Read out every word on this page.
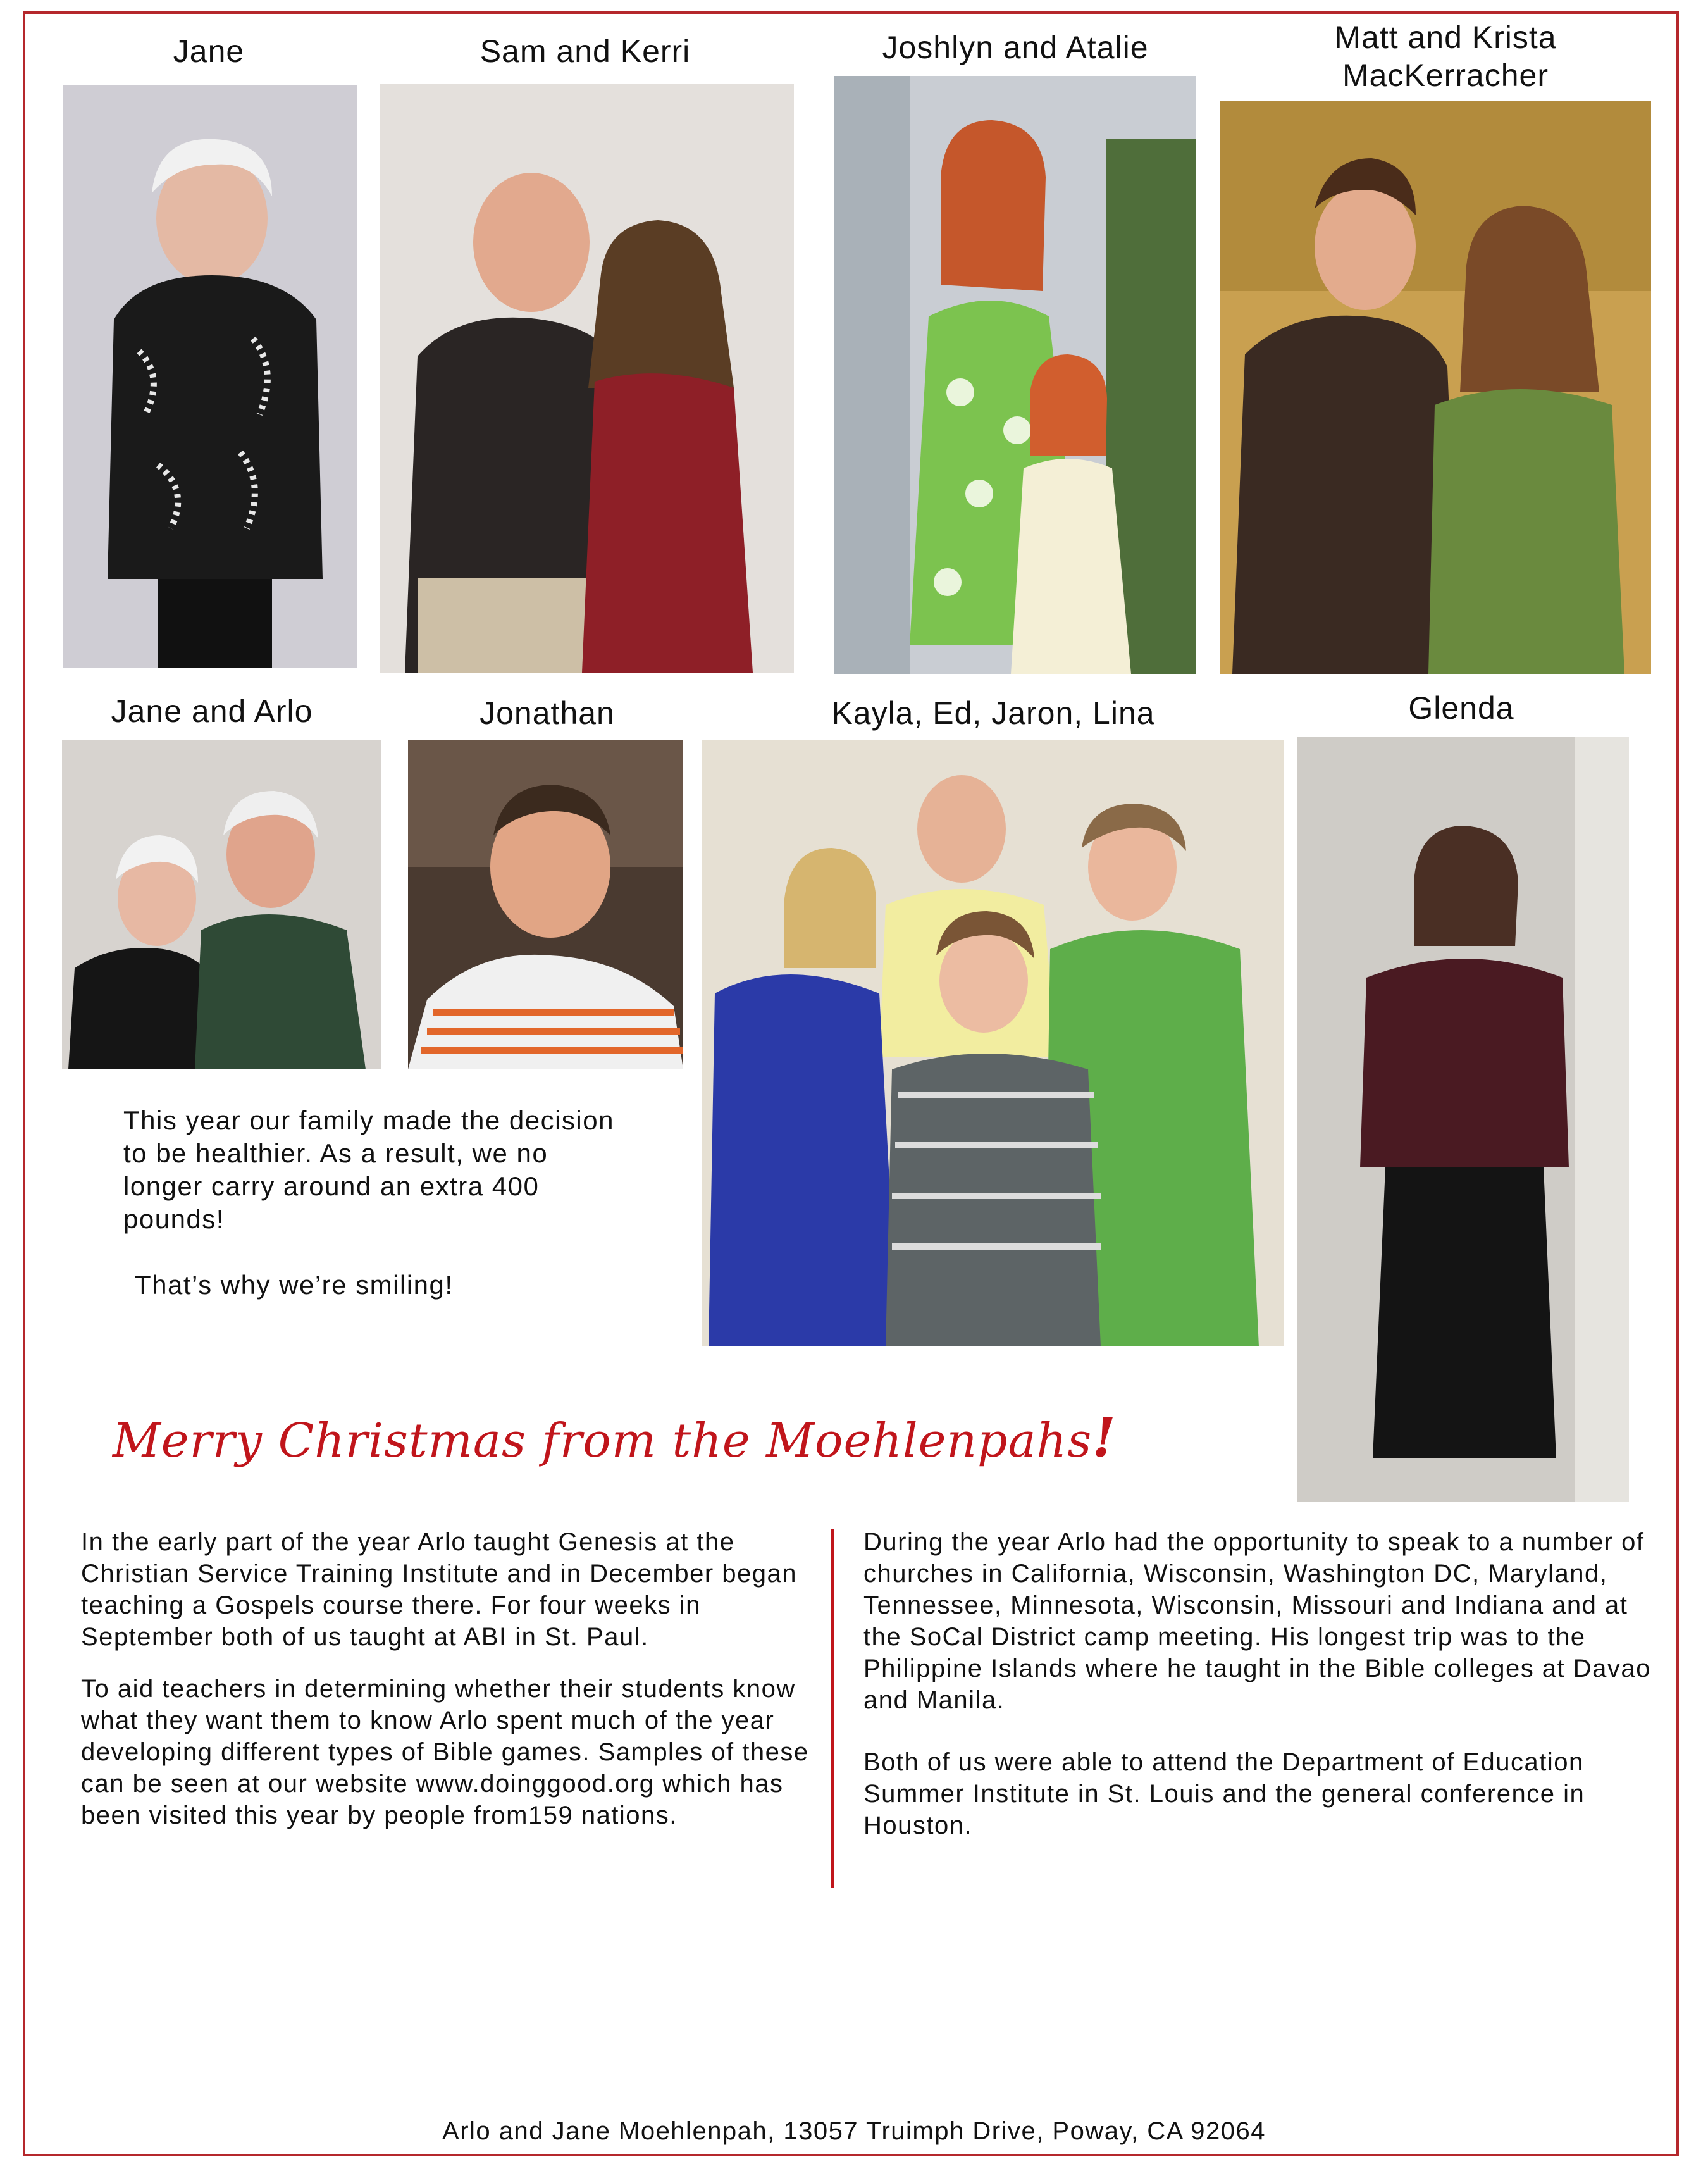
Jane	Sam and Kerri	Joshlyn and Atalie	Matt and Krista
MacKerracher
Jane and Arlo	Jonathan	Kayla, Ed, Jaron, Lina	Glenda

This year our family made the decision to be healthier. As a result, we no longer carry around an extra 400 pounds!

That’s why we’re smiling!

Merry Christmas from the Moehlenpahs!

In the early part of the year Arlo taught Genesis at the Christian Service Training Institute and in December began teaching a Gospels course there. For four weeks in September both of us taught at ABI in St. Paul.

To aid teachers in determining whether their students know what they want them to know Arlo spent much of the year developing different types of Bible games. Samples of these can be seen at our website www.doinggood.org which has been visited this year by people from159 nations.

During the year Arlo had the opportunity to speak to a number of churches in California, Wisconsin, Washington DC, Maryland, Tennessee, Minnesota, Wisconsin, Missouri and Indiana and at the SoCal District camp meeting. His longest trip was to the Philippine Islands where he taught in the Bible colleges at Davao and Manila.

Both of us were able to attend the Department of Education Summer Institute in St. Louis and the general conference in Houston.

Arlo and Jane Moehlenpah, 13057 Truimph Drive, Poway, CA 92064
